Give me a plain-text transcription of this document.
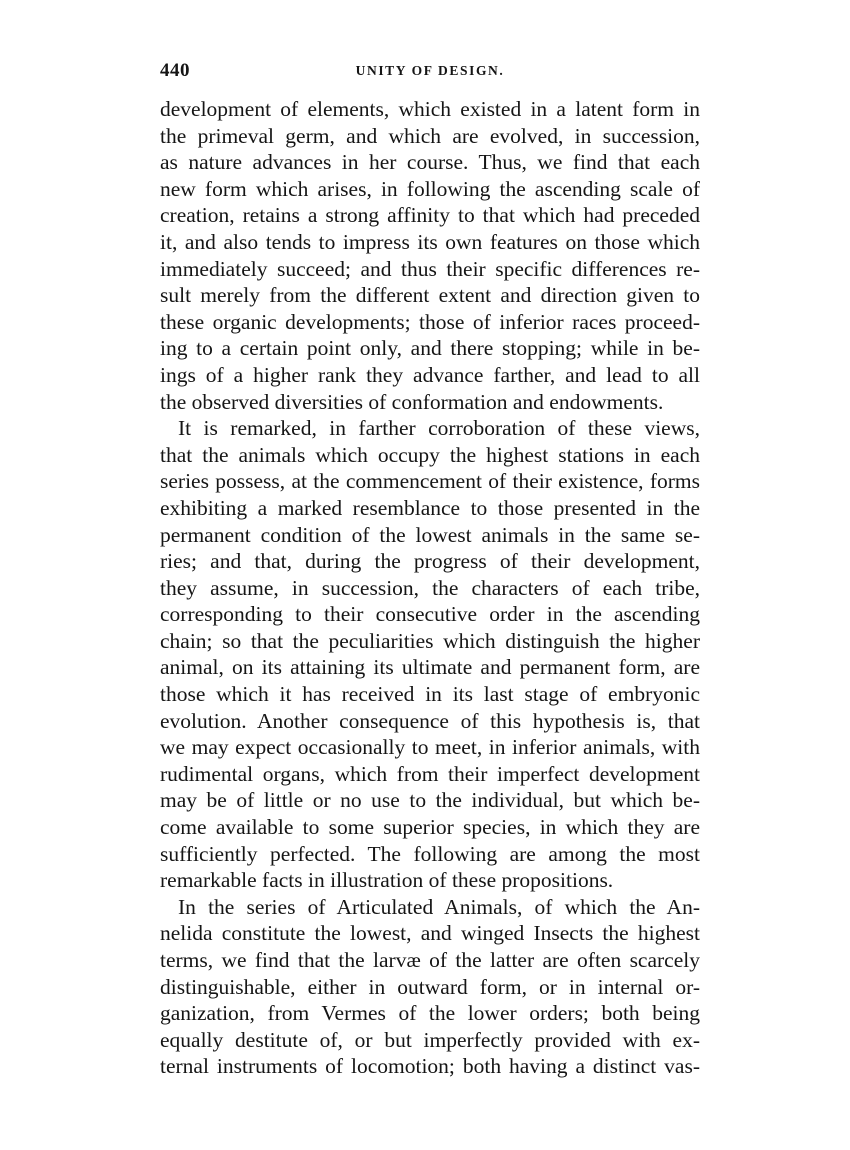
440	UNITY OF DESIGN.
development of elements, which existed in a latent form in
the primeval germ, and which are evolved, in succession,
as nature advances in her course. Thus, we find that each
new form which arises, in following the ascending scale of
creation, retains a strong affinity to that which had preceded
it, and also tends to impress its own features on those which
immediately succeed; and thus their specific differences re-
sult merely from the different extent and direction given to
these organic developments; those of inferior races proceed-
ing to a certain point only, and there stopping; while in be-
ings of a higher rank they advance farther, and lead to all
the observed diversities of conformation and endowments.
It is remarked, in farther corroboration of these views,
that the animals which occupy the highest stations in each
series possess, at the commencement of their existence, forms
exhibiting a marked resemblance to those presented in the
permanent condition of the lowest animals in the same se-
ries; and that, during the progress of their development,
they assume, in succession, the characters of each tribe,
corresponding to their consecutive order in the ascending
chain; so that the peculiarities which distinguish the higher
animal, on its attaining its ultimate and permanent form, are
those which it has received in its last stage of embryonic
evolution. Another consequence of this hypothesis is, that
we may expect occasionally to meet, in inferior animals, with
rudimental organs, which from their imperfect development
may be of little or no use to the individual, but which be-
come available to some superior species, in which they are
sufficiently perfected. The following are among the most
remarkable facts in illustration of these propositions.
In the series of Articulated Animals, of which the An-
nelida constitute the lowest, and winged Insects the highest
terms, we find that the larvæ of the latter are often scarcely
distinguishable, either in outward form, or in internal or-
ganization, from Vermes of the lower orders; both being
equally destitute of, or but imperfectly provided with ex-
ternal instruments of locomotion; both having a distinct vas-
